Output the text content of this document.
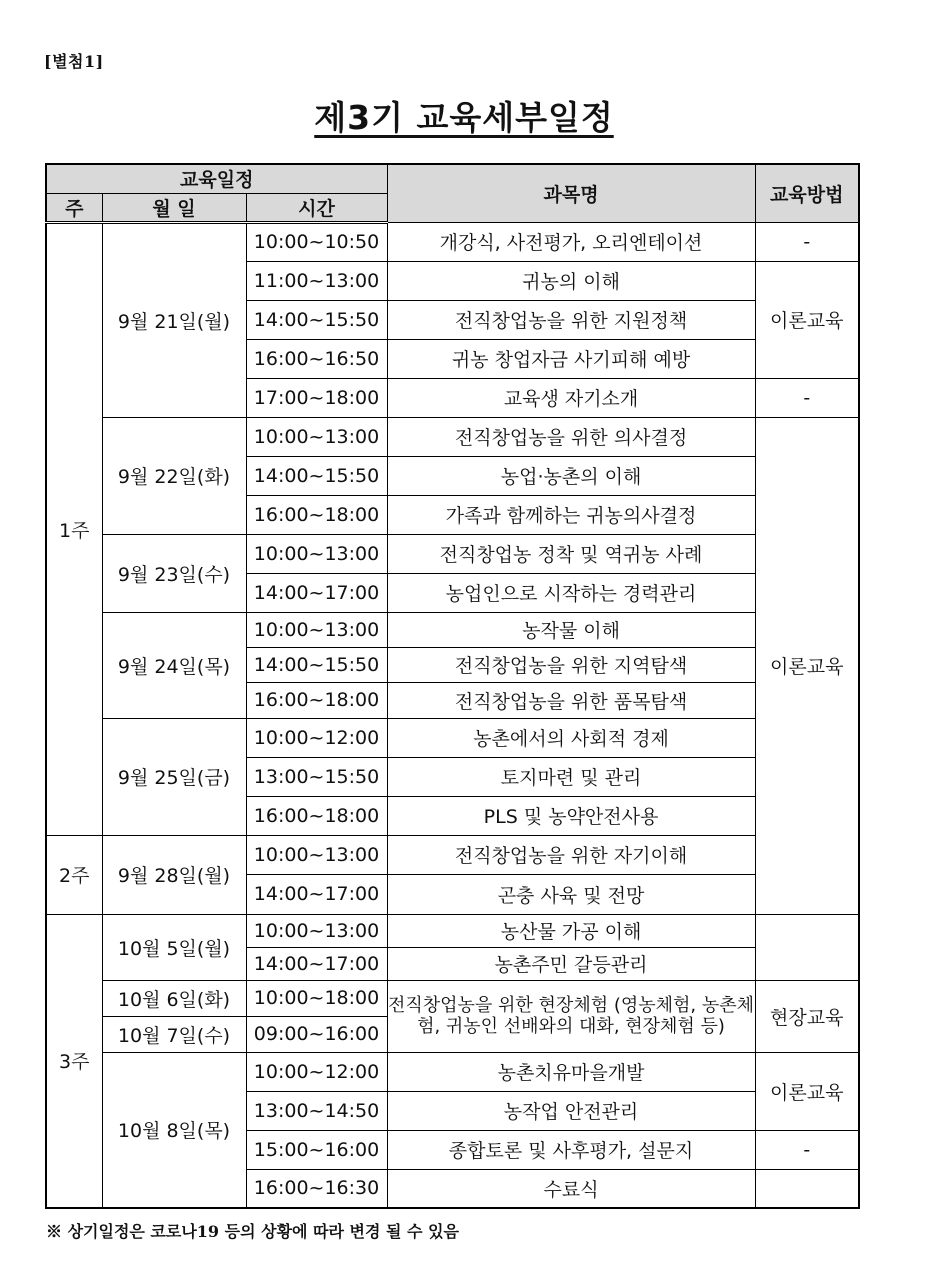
[별첨1]
제3기 교육세부일정
교육일정			과목명	교육방법
주	월 일	시간		
1주	9월 21일(월)	10:00~10:50	개강식, 사전평가, 오리엔테이션	-
		11:00~13:00	귀농의 이해	이론교육
		14:00~15:50	전직창업농을 위한 지원정책	
		16:00~16:50	귀농 창업자금 사기피해 예방	
		17:00~18:00	교육생 자기소개	-
	9월 22일(화)	10:00~13:00	전직창업농을 위한 의사결정	이론교육
		14:00~15:50	농업·농촌의 이해	
		16:00~18:00	가족과 함께하는 귀농의사결정	
	9월 23일(수)	10:00~13:00	전직창업농 정착 및 역귀농 사례	
		14:00~17:00	농업인으로 시작하는 경력관리	
	9월 24일(목)	10:00~13:00	농작물 이해	
		14:00~15:50	전직창업농을 위한 지역탐색	
		16:00~18:00	전직창업농을 위한 품목탐색	
	9월 25일(금)	10:00~12:00	농촌에서의 사회적 경제	
		13:00~15:50	토지마련 및 관리	
		16:00~18:00	PLS 및 농약안전사용	
2주	9월 28일(월)	10:00~13:00	전직창업농을 위한 자기이해	
		14:00~17:00	곤충 사육 및 전망	
3주	10월 5일(월)	10:00~13:00	농산물 가공 이해	
		14:00~17:00	농촌주민 갈등관리	
	10월 6일(화)	10:00~18:00	전직창업농을 위한 현장체험 (영농체험, 농촌체험, 귀농인 선배와의 대화, 현장체험 등)	현장교육
	10월 7일(수)	09:00~16:00		
	10월 8일(목)	10:00~12:00	농촌치유마을개발	이론교육
		13:00~14:50	농작업 안전관리	
		15:00~16:00	종합토론 및 사후평가, 설문지	-
		16:00~16:30	수료식	
※ 상기일정은 코로나19 등의 상황에 따라 변경 될 수 있음
